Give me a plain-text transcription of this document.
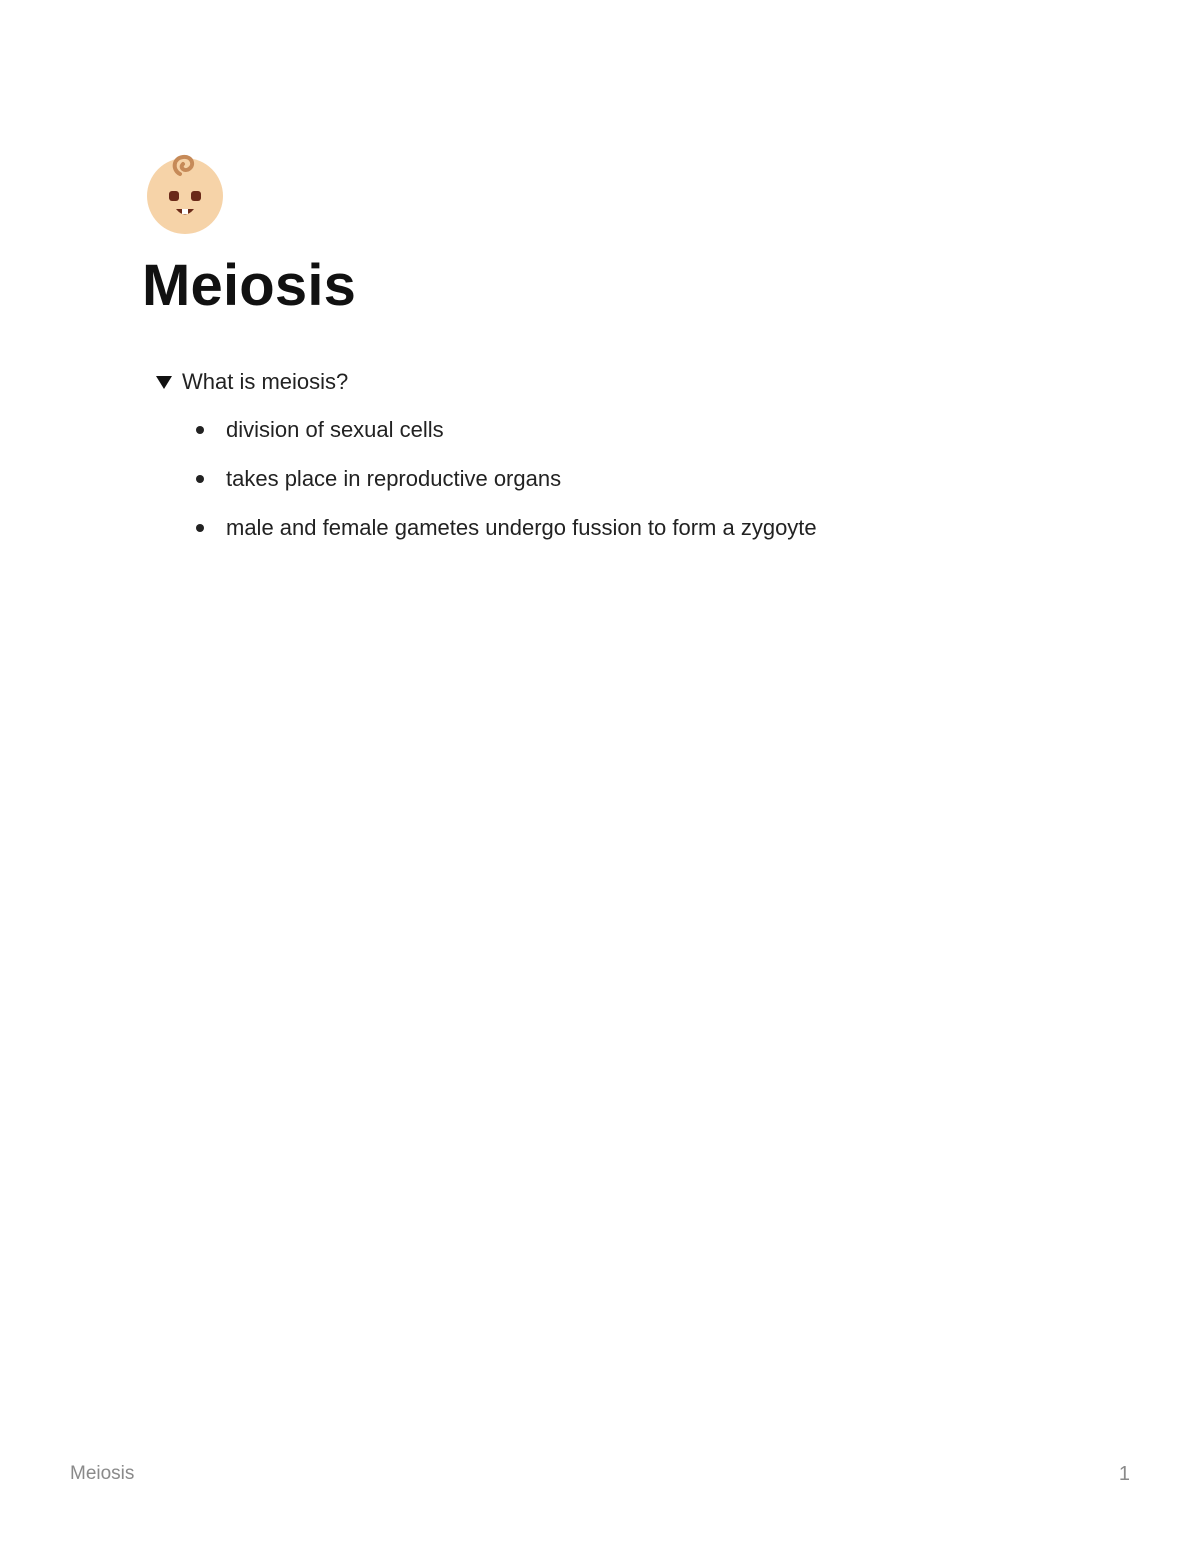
Meiosis
What is meiosis?
division of sexual cells
takes place in reproductive organs
male and female gametes undergo fussion to form a zygoyte
Meiosis	1
